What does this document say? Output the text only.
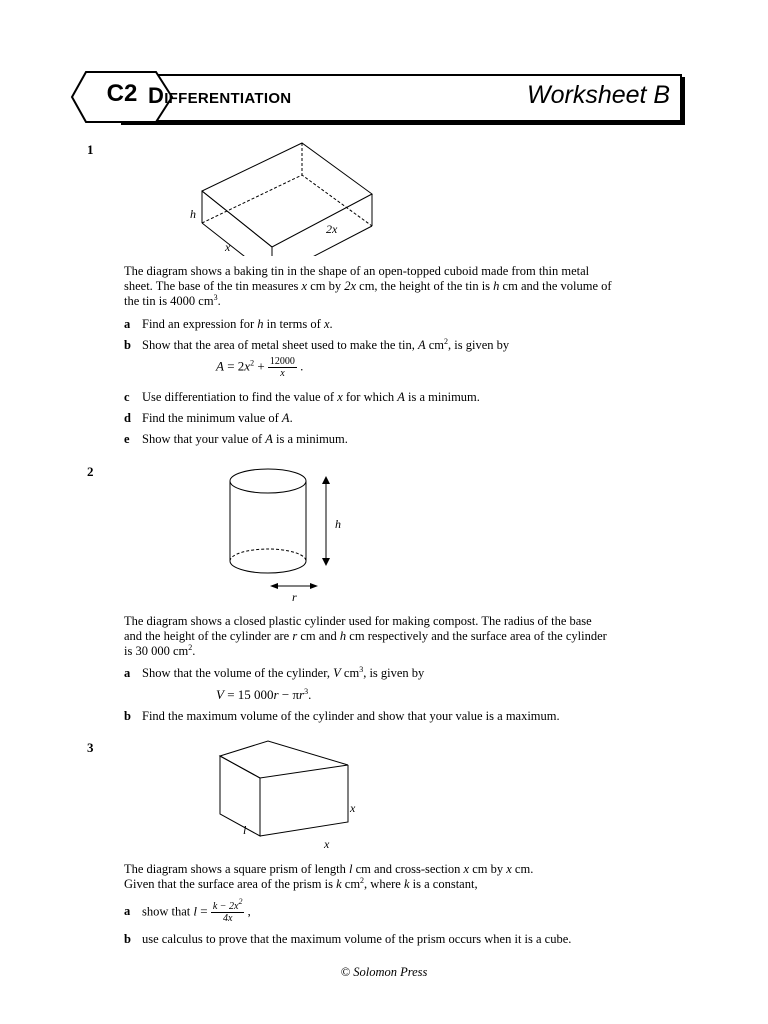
C2 Differentiation	Worksheet B
1
h
x
2x
The diagram shows a baking tin in the shape of an open-topped cuboid made from thin metal
sheet. The base of the tin measures x cm by 2x cm, the height of the tin is h cm and the volume of
the tin is 4000 $cm^3$.
a Find an expression for h in terms of x.
b Show that the area of metal sheet used to make the tin, A $cm^2$, is given by
$A = 2x^2 + \frac{12000}{x}$ .
c Use differentiation to find the value of x for which A is a minimum.
d Find the minimum value of A.
e Show that your value of A is a minimum.
2
h
r
The diagram shows a closed plastic cylinder used for making compost. The radius of the base
and the height of the cylinder are r cm and h cm respectively and the surface area of the cylinder
is 30 000 $cm^2$.
a Show that the volume of the cylinder, V $cm^3$, is given by
V = 15 $000r - \pi r^3$.
b Find the maximum volume of the cylinder and show that your value is a maximum.
3
x
l
x
The diagram shows a square prism of length l cm and cross-section x cm by x cm.
Given that the surface area of the prism is k $cm^2$, where k is a constant,
a show that $l = \frac{k - 2x^2}{4x}$ ,
b use calculus to prove that the maximum volume of the prism occurs when it is a cube.
© Solomon Press
